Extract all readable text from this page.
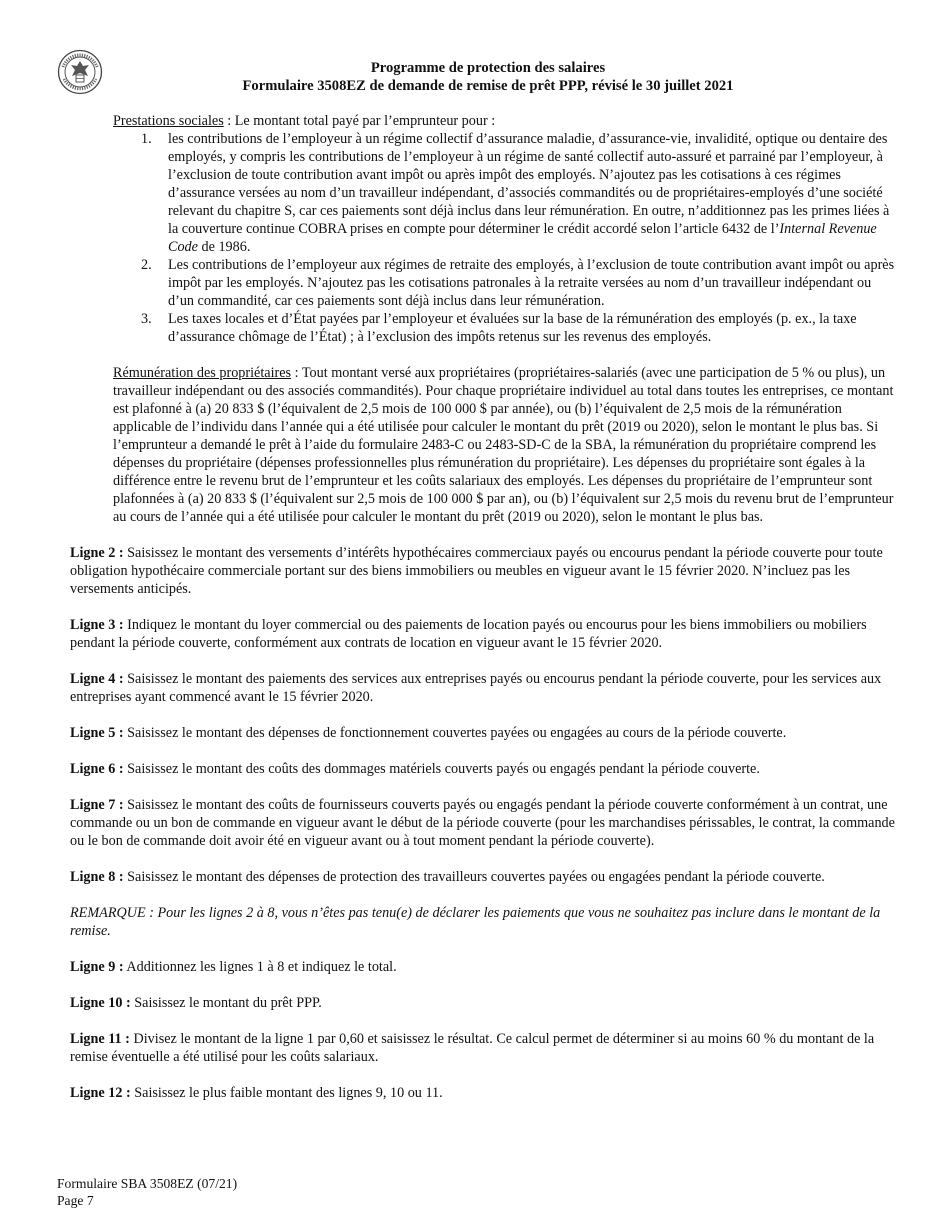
Programme de protection des salaires
Formulaire 3508EZ de demande de remise de prêt PPP, révisé le 30 juillet 2021

Prestations sociales : Le montant total payé par l’emprunteur pour :

1. les contributions de l’employeur à un régime collectif d’assurance maladie, d’assurance-vie, invalidité, optique ou dentaire des employés, y compris les contributions de l’employeur à un régime de santé collectif auto-assuré et parrainé par l’employeur, à l’exclusion de toute contribution avant impôt ou après impôt des employés. N’ajoutez pas les cotisations à ces régimes d’assurance versées au nom d’un travailleur indépendant, d’associés commandités ou de propriétaires-employés d’une société relevant du chapitre S, car ces paiements sont déjà inclus dans leur rémunération. En outre, n’additionnez pas les primes liées à la couverture continue COBRA prises en compte pour déterminer le crédit accordé selon l’article 6432 de l’Internal Revenue Code de 1986.
2. Les contributions de l’employeur aux régimes de retraite des employés, à l’exclusion de toute contribution avant impôt ou après impôt par les employés. N’ajoutez pas les cotisations patronales à la retraite versées au nom d’un travailleur indépendant ou d’un commandité, car ces paiements sont déjà inclus dans leur rémunération.
3. Les taxes locales et d’État payées par l’employeur et évaluées sur la base de la rémunération des employés (p. ex., la taxe d’assurance chômage de l’État) ; à l’exclusion des impôts retenus sur les revenus des employés.

Rémunération des propriétaires : Tout montant versé aux propriétaires (propriétaires-salariés (avec une participation de 5 % ou plus), un travailleur indépendant ou des associés commandités). Pour chaque propriétaire individuel au total dans toutes les entreprises, ce montant est plafonné à (a) 20 833 $ (l’équivalent de 2,5 mois de 100 000 $ par année), ou (b) l’équivalent de 2,5 mois de la rémunération applicable de l’individu dans l’année qui a été utilisée pour calculer le montant du prêt (2019 ou 2020), selon le montant le plus bas. Si l’emprunteur a demandé le prêt à l’aide du formulaire 2483-C ou 2483-SD-C de la SBA, la rémunération du propriétaire comprend les dépenses du propriétaire (dépenses professionnelles plus rémunération du propriétaire). Les dépenses du propriétaire sont égales à la différence entre le revenu brut de l’emprunteur et les coûts salariaux des employés. Les dépenses du propriétaire de l’emprunteur sont plafonnées à (a) 20 833 $ (l’équivalent sur 2,5 mois de 100 000 $ par an), ou (b) l’équivalent sur 2,5 mois du revenu brut de l’emprunteur au cours de l’année qui a été utilisée pour calculer le montant du prêt (2019 ou 2020), selon le montant le plus bas.

Ligne 2 : Saisissez le montant des versements d’intérêts hypothécaires commerciaux payés ou encourus pendant la période couverte pour toute obligation hypothécaire commerciale portant sur des biens immobiliers ou meubles en vigueur avant le 15 février 2020. N’incluez pas les versements anticipés.

Ligne 3 : Indiquez le montant du loyer commercial ou des paiements de location payés ou encourus pour les biens immobiliers ou mobiliers pendant la période couverte, conformément aux contrats de location en vigueur avant le 15 février 2020.

Ligne 4 : Saisissez le montant des paiements des services aux entreprises payés ou encourus pendant la période couverte, pour les services aux entreprises ayant commencé avant le 15 février 2020.

Ligne 5 : Saisissez le montant des dépenses de fonctionnement couvertes payées ou engagées au cours de la période couverte.

Ligne 6 : Saisissez le montant des coûts des dommages matériels couverts payés ou engagés pendant la période couverte.

Ligne 7 : Saisissez le montant des coûts de fournisseurs couverts payés ou engagés pendant la période couverte conformément à un contrat, une commande ou un bon de commande en vigueur avant le début de la période couverte (pour les marchandises périssables, le contrat, la commande ou le bon de commande doit avoir été en vigueur avant ou à tout moment pendant la période couverte).

Ligne 8 : Saisissez le montant des dépenses de protection des travailleurs couvertes payées ou engagées pendant la période couverte.

REMARQUE : Pour les lignes 2 à 8, vous n’êtes pas tenu(e) de déclarer les paiements que vous ne souhaitez pas inclure dans le montant de la remise.

Ligne 9 : Additionnez les lignes 1 à 8 et indiquez le total.

Ligne 10 : Saisissez le montant du prêt PPP.

Ligne 11 : Divisez le montant de la ligne 1 par 0,60 et saisissez le résultat. Ce calcul permet de déterminer si au moins 60 % du montant de la remise éventuelle a été utilisé pour les coûts salariaux.

Ligne 12 : Saisissez le plus faible montant des lignes 9, 10 ou 11.

Formulaire SBA 3508EZ (07/21)
Page 7
